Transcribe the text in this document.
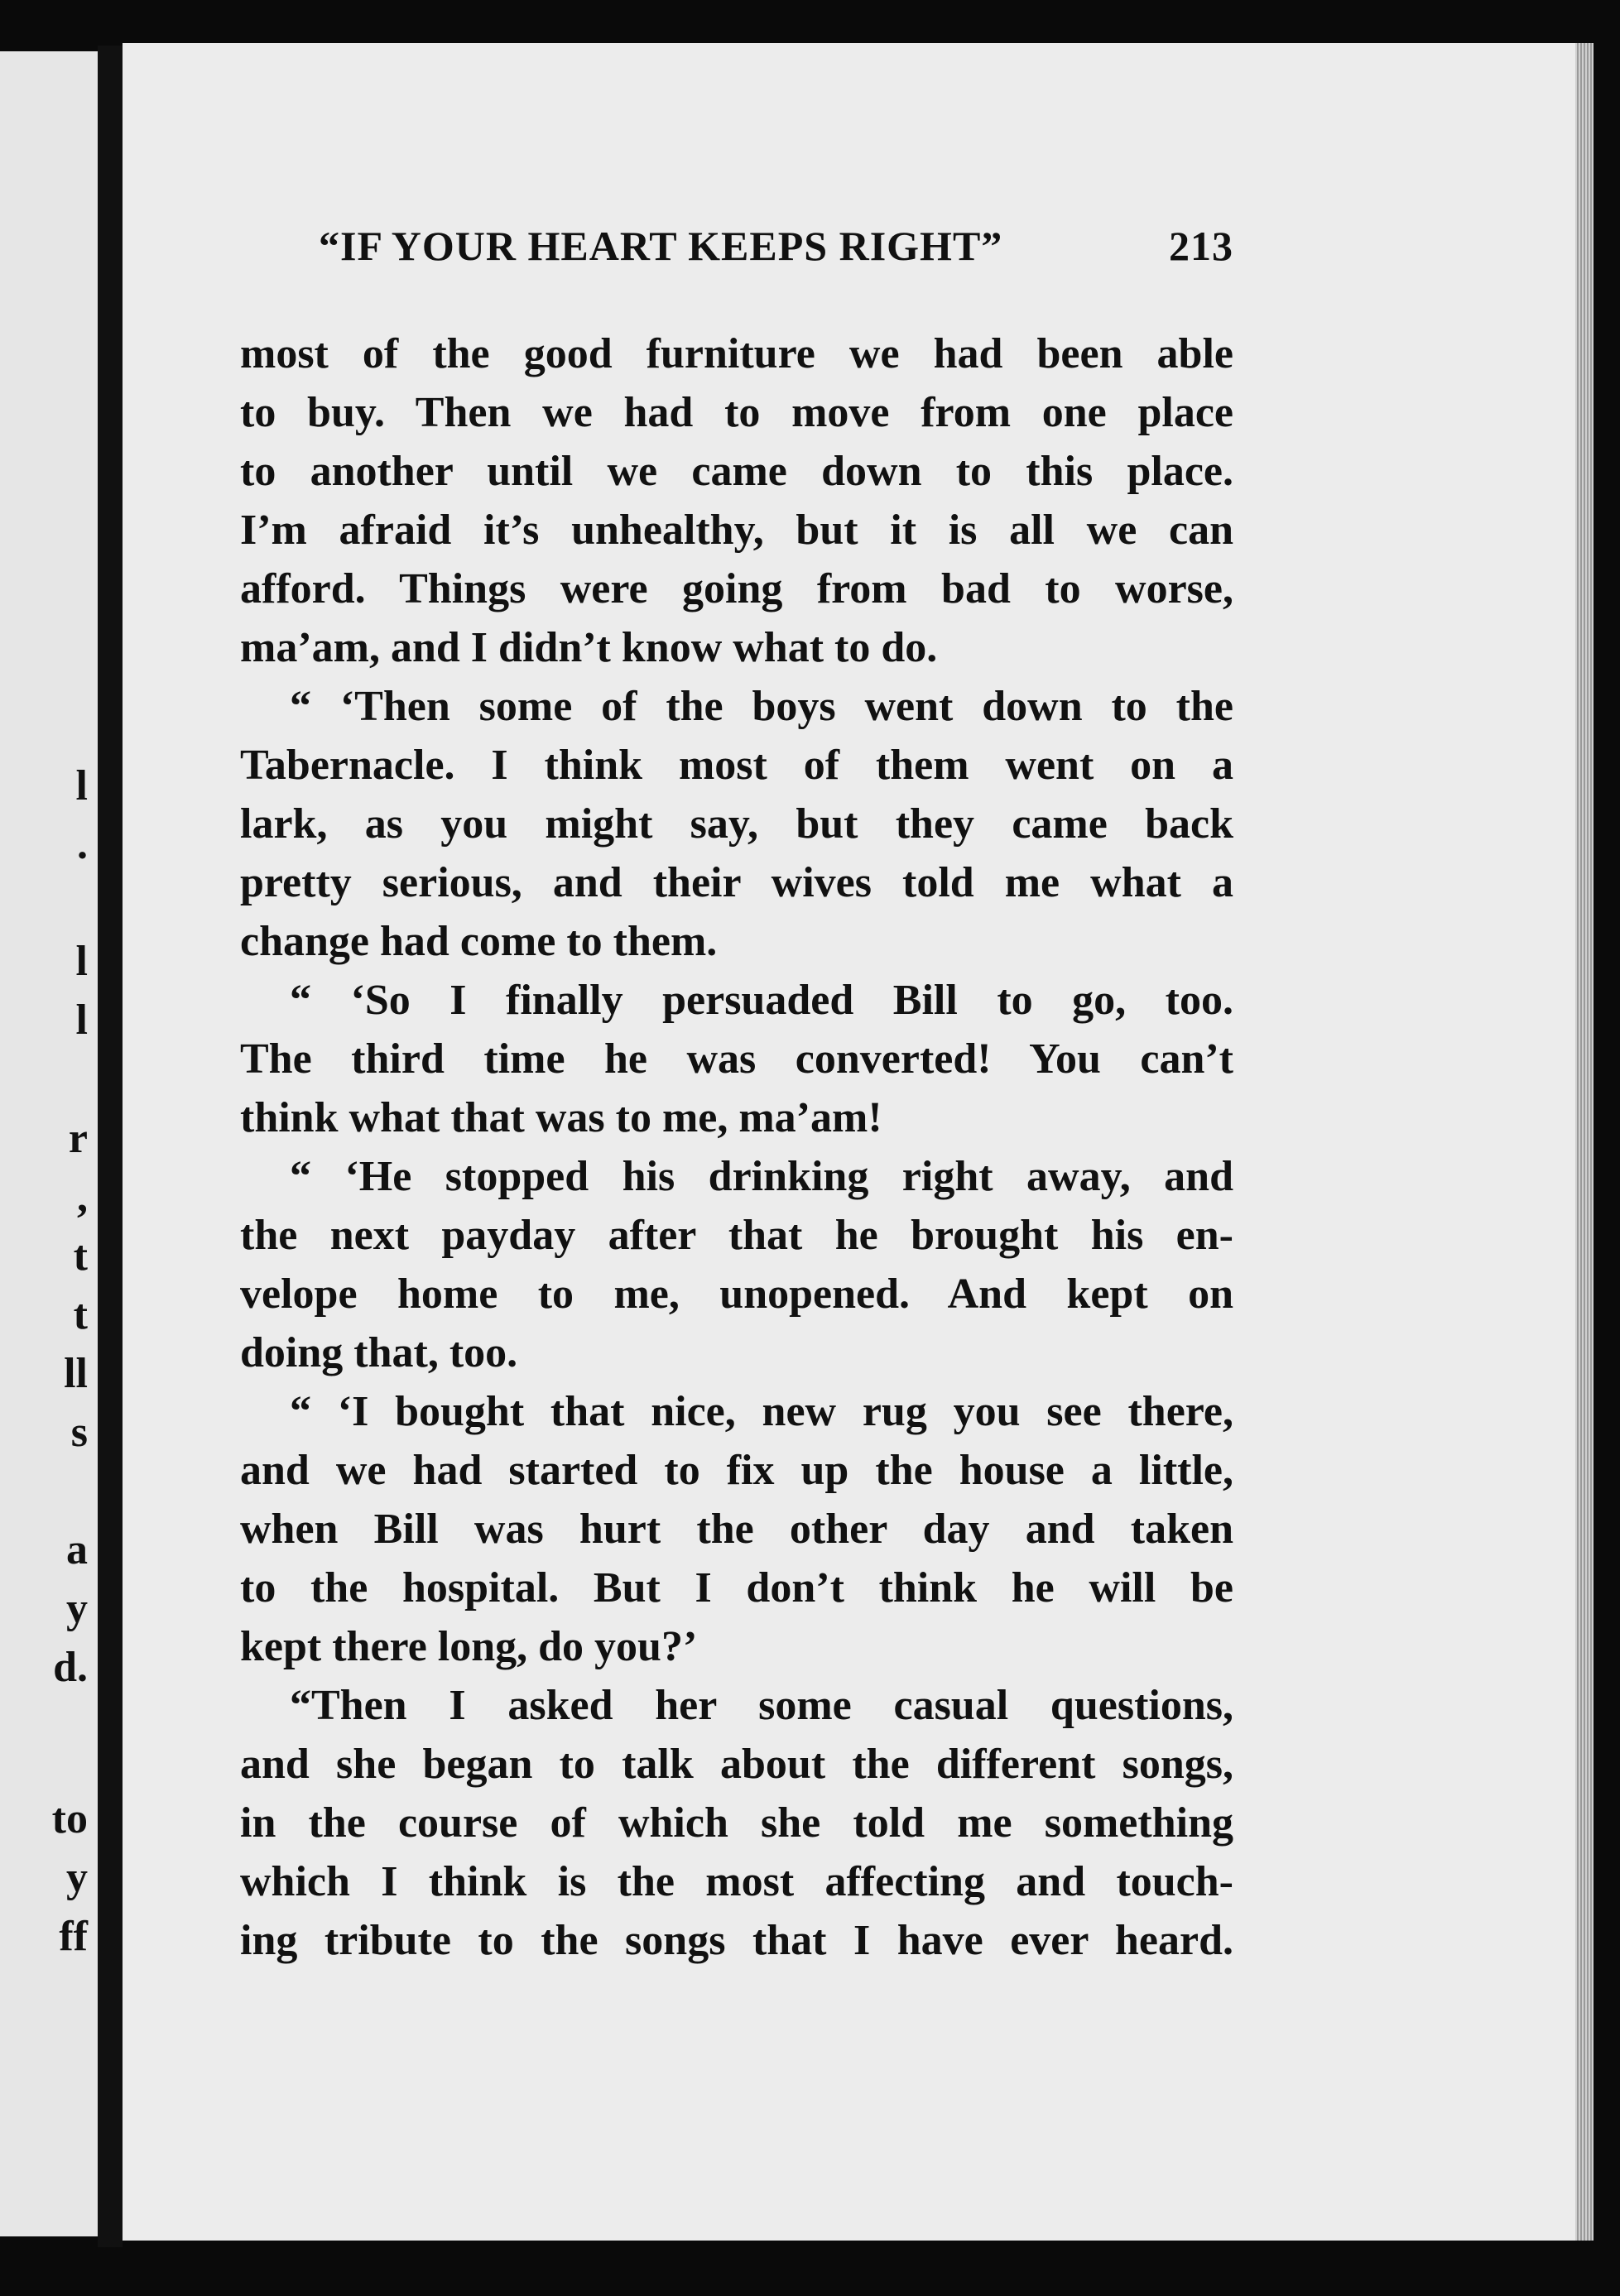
l
.
l
l
r
,
t
t
ll
s
a
y
d.
to
y
ff
“IF YOUR HEART KEEPS RIGHT”	213
most of the good furniture we had been able
to buy. Then we had to move from one place
to another until we came down to this place.
I’m afraid it’s unhealthy, but it is all we can
afford. Things were going from bad to worse,
ma’am, and I didn’t know what to do.
“ ‘Then some of the boys went down to the
Tabernacle. I think most of them went on a
lark, as you might say, but they came back
pretty serious, and their wives told me what a
change had come to them.
“ ‘So I finally persuaded Bill to go, too.
The third time he was converted! You can’t
think what that was to me, ma’am!
“ ‘He stopped his drinking right away, and
the next payday after that he brought his en-
velope home to me, unopened. And kept on
doing that, too.
“ ‘I bought that nice, new rug you see there,
and we had started to fix up the house a little,
when Bill was hurt the other day and taken
to the hospital. But I don’t think he will be
kept there long, do you?’
“Then I asked her some casual questions,
and she began to talk about the different songs,
in the course of which she told me something
which I think is the most affecting and touch-
ing tribute to the songs that I have ever heard.
